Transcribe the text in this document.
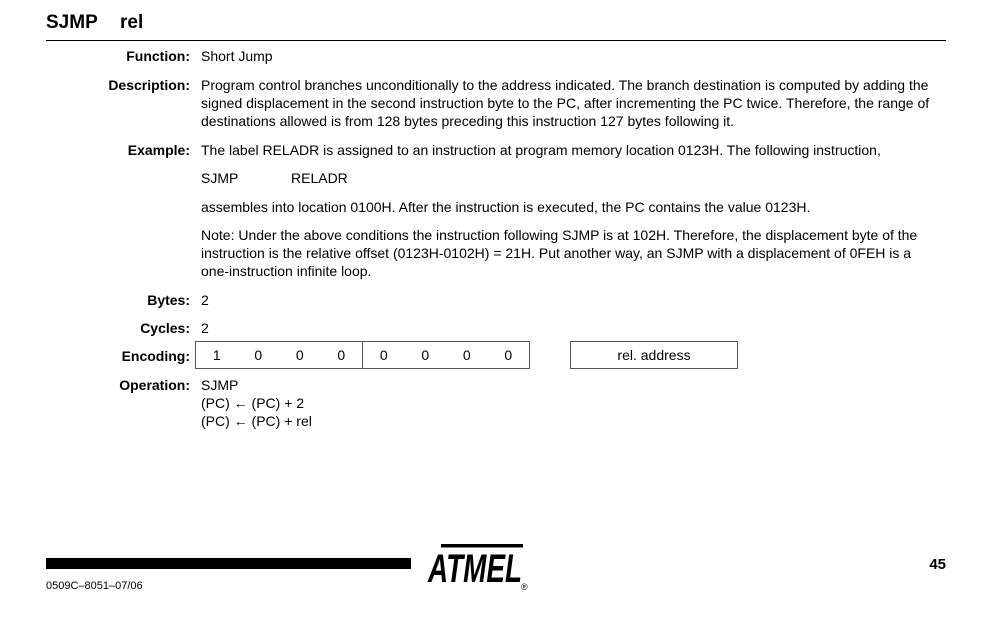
SJMP rel
Function: Short Jump
Description: Program control branches unconditionally to the address indicated. The branch destination is computed by adding the signed displacement in the second instruction byte to the PC, after incrementing the PC twice. Therefore, the range of destinations allowed is from 128 bytes preceding this instruction 127 bytes following it.
Example: The label RELADR is assigned to an instruction at program memory location 0123H. The following instruction,
SJMP	RELADR
assembles into location 0100H. After the instruction is executed, the PC contains the value 0123H.
Note: Under the above conditions the instruction following SJMP is at 102H. Therefore, the displacement byte of the instruction is the relative offset (0123H-0102H) = 21H. Put another way, an SJMP with a displacement of 0FEH is a one-instruction infinite loop.
Bytes: 2
Cycles: 2
Encoding:	1	0	0	0	0	0	0	0	rel. address
Operation: SJMP
(PC) ← (PC) + 2
(PC) ← (PC) + rel
0509C–8051–07/06	ATMEL ®
45
